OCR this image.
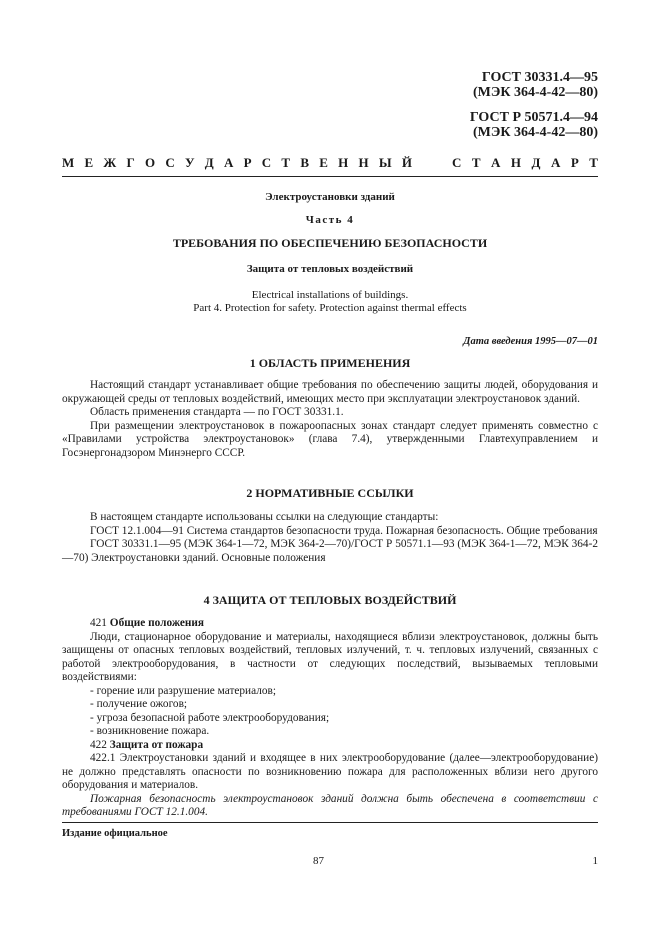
ГОСТ 30331.4—95
(МЭК 364-4-42—80)
ГОСТ Р 50571.4—94
(МЭК 364-4-42—80)
М Е Ж Г О С У Д А Р С Т В Е Н Н Ы Й	С Т А Н Д А Р Т
Электроустановки зданий
Часть 4
ТРЕБОВАНИЯ ПО ОБЕСПЕЧЕНИЮ БЕЗОПАСНОСТИ
Защита от тепловых воздействий
Electrical installations of buildings.
Part 4. Protection for safety. Protection against thermal effects
Дата введения 1995—07—01
1 ОБЛАСТЬ ПРИМЕНЕНИЯ

Настоящий стандарт устанавливает общие требования по обеспечению защиты людей, оборудования и окружающей среды от тепловых воздействий, имеющих место при эксплуатации электроустановок зданий.

Область применения стандарта — по ГОСТ 30331.1.

При размещении электроустановок в пожароопасных зонах стандарт следует применять совместно с «Правилами устройства электроустановок» (глава 7.4), утвержденными Главтехуправлением и Госэнергонадзором Минэнерго СССР.

2 НОРМАТИВНЫЕ ССЫЛКИ

В настоящем стандарте использованы ссылки на следующие стандарты:

ГОСТ 12.1.004—91 Система стандартов безопасности труда. Пожарная безопасность. Общие требования

ГОСТ 30331.1—95 (МЭК 364-1—72, МЭК 364-2—70)/ГОСТ Р 50571.1—93 (МЭК 364-1—72, МЭК 364-2—70) Электроустановки зданий. Основные положения

4 ЗАЩИТА ОТ ТЕПЛОВЫХ ВОЗДЕЙСТВИЙ

421 Общие положения

Люди, стационарное оборудование и материалы, находящиеся вблизи электроустановок, должны быть защищены от опасных тепловых воздействий, тепловых излучений, т. ч. тепловых излучений, связанных с работой электрооборудования, в частности от следующих последствий, вызываемых тепловыми воздействиями:

- горение или разрушение материалов;

- получение ожогов;

- угроза безопасной работе электрооборудования;

- возникновение пожара.

422 Защита от пожара

422.1 Электроустановки зданий и входящее в них электрооборудование (далее—электрооборудование) не должно представлять опасности по возникновению пожара для расположенных вблизи него другого оборудования и материалов.

Пожарная безопасность электроустановок зданий должна быть обеспечена в соответствии с требованиями ГОСТ 12.1.004.

Издание официальное
87	1
